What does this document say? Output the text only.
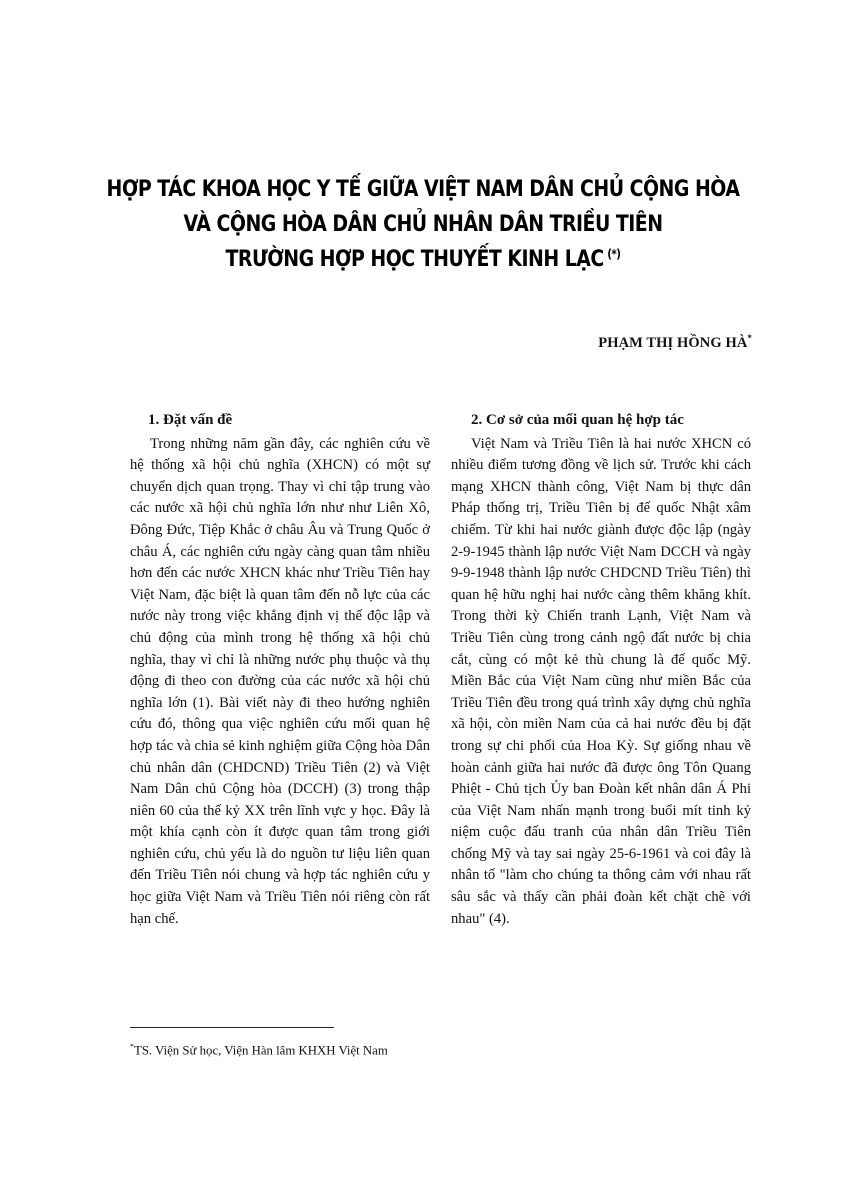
HỢP TÁC KHOA HỌC Y TẾ GIỮA VIỆT NAM DÂN CHỦ CỘNG HÒA
VÀ CỘNG HÒA DÂN CHỦ NHÂN DÂN TRIỀU TIÊN
TRƯỜNG HỢP HỌC THUYẾT KINH LẠC (*)
PHẠM THỊ HỒNG HÀ*
1. Đặt vấn đề

Trong những năm gần đây, các nghiên cứu về hệ thống xã hội chủ nghĩa (XHCN) có một sự chuyển dịch quan trọng. Thay vì chỉ tập trung vào các nước xã hội chủ nghĩa lớn như như Liên Xô, Đông Đức, Tiệp Khắc ở châu Âu và Trung Quốc ở châu Á, các nghiên cứu ngày càng quan tâm nhiều hơn đến các nước XHCN khác như Triều Tiên hay Việt Nam, đặc biệt là quan tâm đến nỗ lực của các nước này trong việc khẳng định vị thế độc lập và chủ động của mình trong hệ thống xã hội chủ nghĩa, thay vì chỉ là những nước phụ thuộc và thụ động đi theo con đường của các nước xã hội chủ nghĩa lớn (1). Bài viết này đi theo hướng nghiên cứu đó, thông qua việc nghiên cứu mối quan hệ hợp tác và chia sẻ kinh nghiệm giữa Cộng hòa Dân chủ nhân dân (CHDCND) Triều Tiên (2) và Việt Nam Dân chủ Cộng hòa (DCCH) (3) trong thập niên 60 của thế kỷ XX trên lĩnh vực y học. Đây là một khía cạnh còn ít được quan tâm trong giới nghiên cứu, chủ yếu là do nguồn tư liệu liên quan đến Triều Tiên nói chung và hợp tác nghiên cứu y học giữa Việt Nam và Triều Tiên nói riêng còn rất hạn chế.

2. Cơ sở của mối quan hệ hợp tác

Việt Nam và Triều Tiên là hai nước XHCN có nhiều điểm tương đồng về lịch sử. Trước khi cách mạng XHCN thành công, Việt Nam bị thực dân Pháp thống trị, Triều Tiên bị đế quốc Nhật xâm chiếm. Từ khi hai nước giành được độc lập (ngày 2-9-1945 thành lập nước Việt Nam DCCH và ngày 9-9-1948 thành lập nước CHDCND Triều Tiên) thì quan hệ hữu nghị hai nước càng thêm khăng khít. Trong thời kỳ Chiến tranh Lạnh, Việt Nam và Triều Tiên cùng trong cảnh ngộ đất nước bị chia cắt, cùng có một kẻ thù chung là đế quốc Mỹ. Miền Bắc của Việt Nam cũng như miền Bắc của Triều Tiên đều trong quá trình xây dựng chủ nghĩa xã hội, còn miền Nam của cả hai nước đều bị đặt trong sự chi phối của Hoa Kỳ. Sự giống nhau về hoàn cảnh giữa hai nước đã được ông Tôn Quang Phiệt - Chủ tịch Ủy ban Đoàn kết nhân dân Á Phi của Việt Nam nhấn mạnh trong buổi mít tinh kỷ niệm cuộc đấu tranh của nhân dân Triều Tiên chống Mỹ và tay sai ngày 25-6-1961 và coi đây là nhân tố "làm cho chúng ta thông cảm với nhau rất sâu sắc và thấy cần phải đoàn kết chặt chẽ với nhau" (4).

*TS. Viện Sử học, Viện Hàn lâm KHXH Việt Nam
